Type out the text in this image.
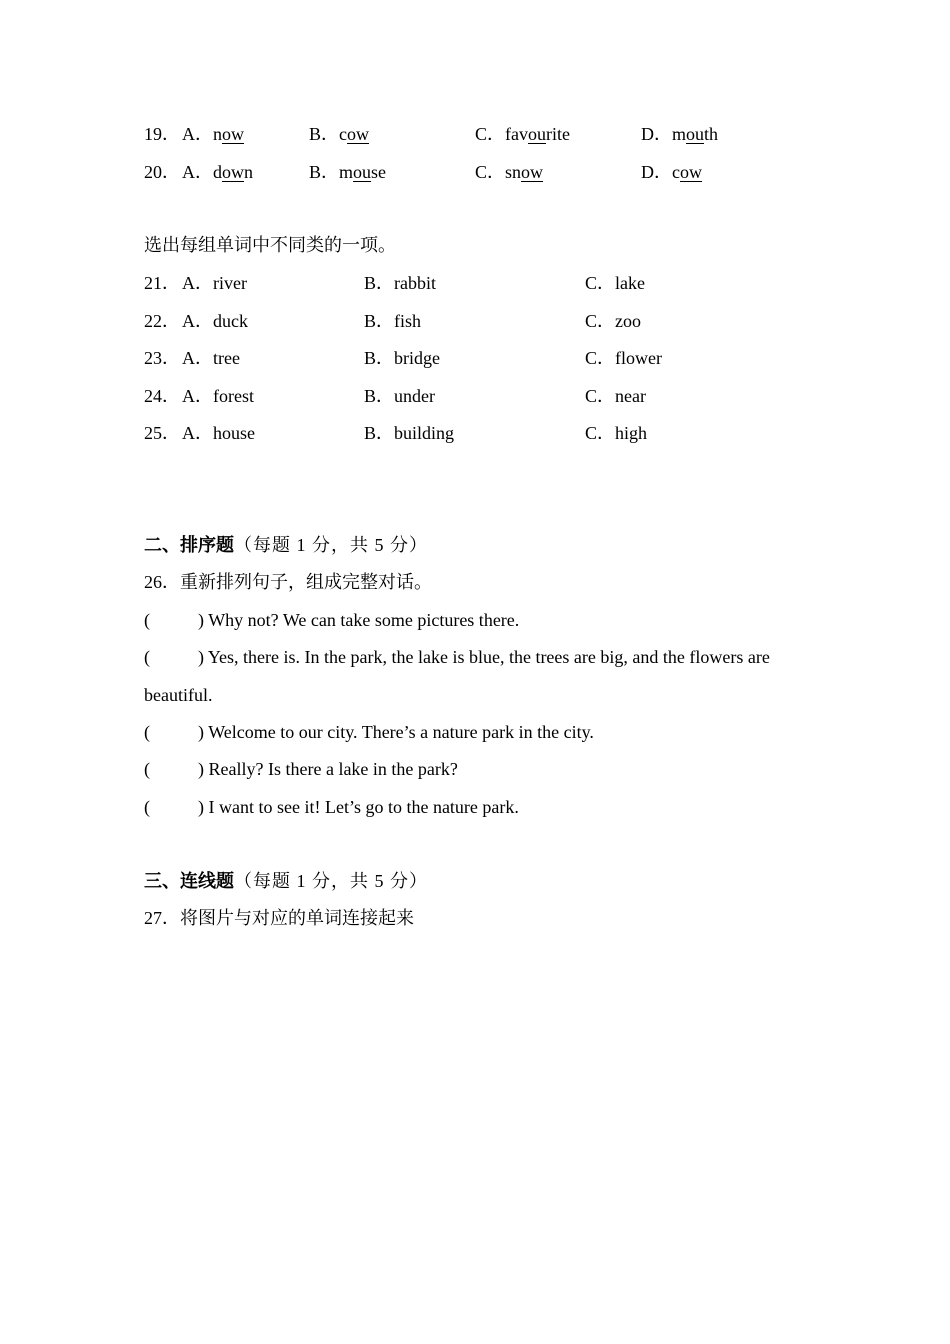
19． A．now	B．cow	C．favourite	D．mouth
20． A．down	B．mouse	C．snow	D．cow
选出每组单词中不同类的一项。
21． A．river	B．rabbit	C．lake
22． A．duck	B．fish	C．zoo
23． A．tree	B．bridge	C．flower
24． A．forest	B．under	C．near
25． A．house	B．building	C．high
二、排序题（每题 1 分，共 5 分）
26．重新排列句子，组成完整对话。
(	) Why not? We can take some pictures there.
(	) Yes, there is. In the park, the lake is blue, the trees are big, and the flowers are
beautiful.
(	) Welcome to our city. There’s a nature park in the city.
(	) Really? Is there a lake in the park?
(	) I want to see it! Let’s go to the nature park.
三、连线题（每题 1 分，共 5 分）
27．将图片与对应的单词连接起来
